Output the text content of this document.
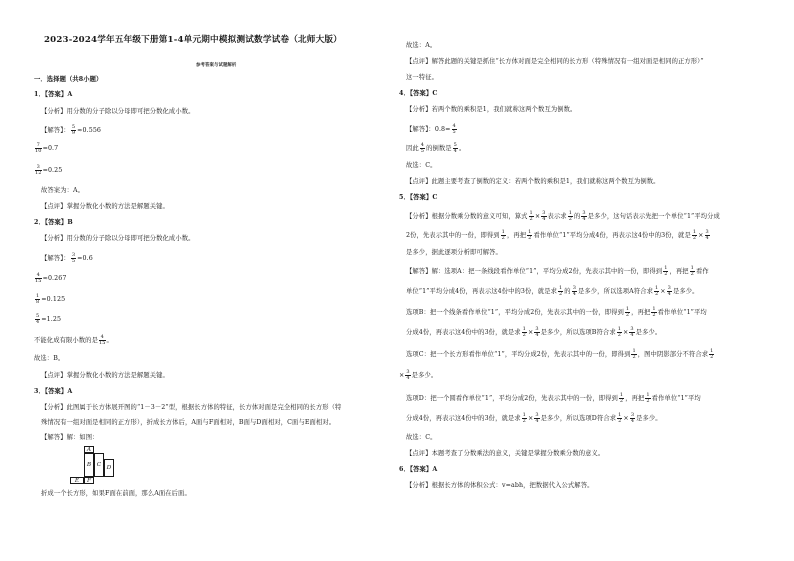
2023-2024学年五年级下册第1-4单元期中模拟测试数学试卷（北师大版）
参考答案与试题解析
一．选择题（共8小题）
1．【答案】A
【分析】用分数的分子除以分母即可把分数化成小数。
【解答】： $\frac{5}{9} \approx 0.556$
$\frac{7}{10} =0.7$
$\frac{3}{12} =0.25$
故答案为：A。
【点评】掌握分数化小数的方法是解题关键。
2．【答案】B
【分析】用分数的分子除以分母即可把分数化成小数。
【解答】： $\frac{3}{5} =0.6$
$\frac{4}{15} \approx 0.267$
$\frac{1}{8} =0.125$
$\frac{5}{4} =1.25$
不能化成有限小数的是 $\frac{4}{15}$ 。
故选：B。
【点评】掌握分数化小数的方法是解题关键。
3．【答案】A
【分析】此图属于长方体展开图的“1－3－2”型，根据长方体的特征，长方体对面是完全相同的长方形（特
殊情况有一组对面是相同的正方形），折成长方体后，A面与F面相对，B面与D面相对，C面与E面相对。
【解答】解：如图：
A
B C D
E	F
折成一个长方形，如果F面在前面，那么A面在后面。
故选：A。
【点评】解答此题的关键是抓住“长方体对面是完全相同的长方形（特殊情况有一组对面是相同的正方形）”
这一特征。
4．【答案】C
【分析】若两个数的乘积是1，我们就称这两个数互为倒数。
【解答】：$0.8= \frac{4}{5}$
因此 $\frac{4}{5}$ 的倒数是 $\frac{5}{4}$ 。
故选：C。
【点评】此题主要考查了倒数的定义：若两个数的乘积是1，我们就称这两个数互为倒数。
5．【答案】C
【分析】根据分数乘分数的意义可知，算式 $\frac{1}{2} \times \frac{3}{4}$ 表示求 $\frac{1}{2}$ 的 $\frac{3}{4}$ 是多少，这句话表示先把一个单位“1”平均分成
2份，先表示其中的一份，即得到 $\frac{1}{2}$ ，再把 $\frac{1}{2}$ 看作单位“1”平均分成4份，再表示这4份中的3份，就是 $\frac{1}{2} \times \frac{3}{4}$
是多少，据此逐项分析即可解答。
【解答】解：选项A：把一条线段看作单位“1”，平均分成2份，先表示其中的一份，即得到 $\frac{1}{2}$ ，再把 $\frac{1}{2}$ 看作
单位“1”平均分成4份，再表示这4份中的3份，就是求 $\frac{1}{2}$ 的 $\frac{3}{4}$ 是多少，所以选项A符合求 $\frac{1}{2} \times \frac{3}{4}$ 是多少。
选项B：把一个线条看作单位“1”，平均分成2份，先表示其中的一份，即得到 $\frac{1}{2}$ ，再把 $\frac{1}{2}$ 看作单位“1”平均
分成4份，再表示这4份中的3份，就是求 $\frac{1}{2} \times \frac{3}{4}$ 是多少，所以选项B符合求 $\frac{1}{2} \times \frac{3}{4}$ 是多少。
选项C：把一个长方形看作单位“1”，平均分成2份，先表示其中的一份，即得到 $\frac{1}{2}$ ，图中阴影部分不符合求 $\frac{1}{2}$
× $\frac{3}{4}$ 是多少。
选项D：把一个圆看作单位“1”，平均分成2份，先表示其中的一份，即得到 $\frac{1}{2}$ ，再把 $\frac{1}{2}$ 看作单位“1”平均
分成4份，再表示这4份中的3份，就是求 $\frac{1}{2} \times \frac{3}{4}$ 是多少，所以选项D符合求 $\frac{1}{2} \times \frac{3}{4}$ 是多少。
故选：C。
【点评】本题考查了分数乘法的意义，关键是掌握分数乘分数的意义。
6．【答案】A
【分析】根据长方体的体积公式：v=abh，把数据代入公式解答。
